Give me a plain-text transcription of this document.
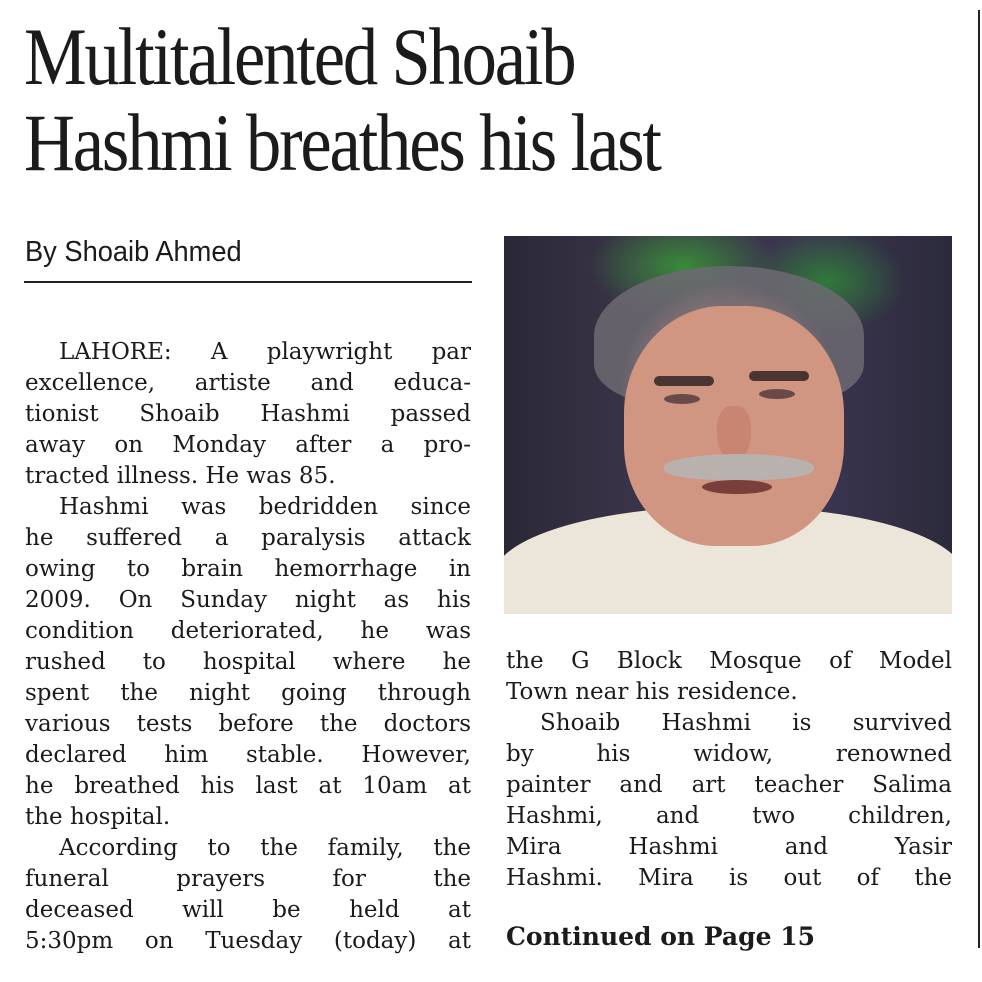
Multitalented Shoaib
Hashmi breathes his last
By Shoaib Ahmed
LAHORE: A playwright par
excellence, artiste and educa-
tionist Shoaib Hashmi passed
away on Monday after a pro-
tracted illness. He was 85.
Hashmi was bedridden since
he suffered a paralysis attack
owing to brain hemorrhage in
2009. On Sunday night as his
condition deteriorated, he was
rushed to hospital where he
spent the night going through
various tests before the doctors
declared him stable. However,
he breathed his last at 10am at
the hospital.
According to the family, the
funeral prayers for the
deceased will be held at
5:30pm on Tuesday (today) at
the G Block Mosque of Model
Town near his residence.
Shoaib Hashmi is survived
by his widow, renowned
painter and art teacher Salima
Hashmi, and two children,
Mira Hashmi and Yasir
Hashmi. Mira is out of the
Continued on Page 15
